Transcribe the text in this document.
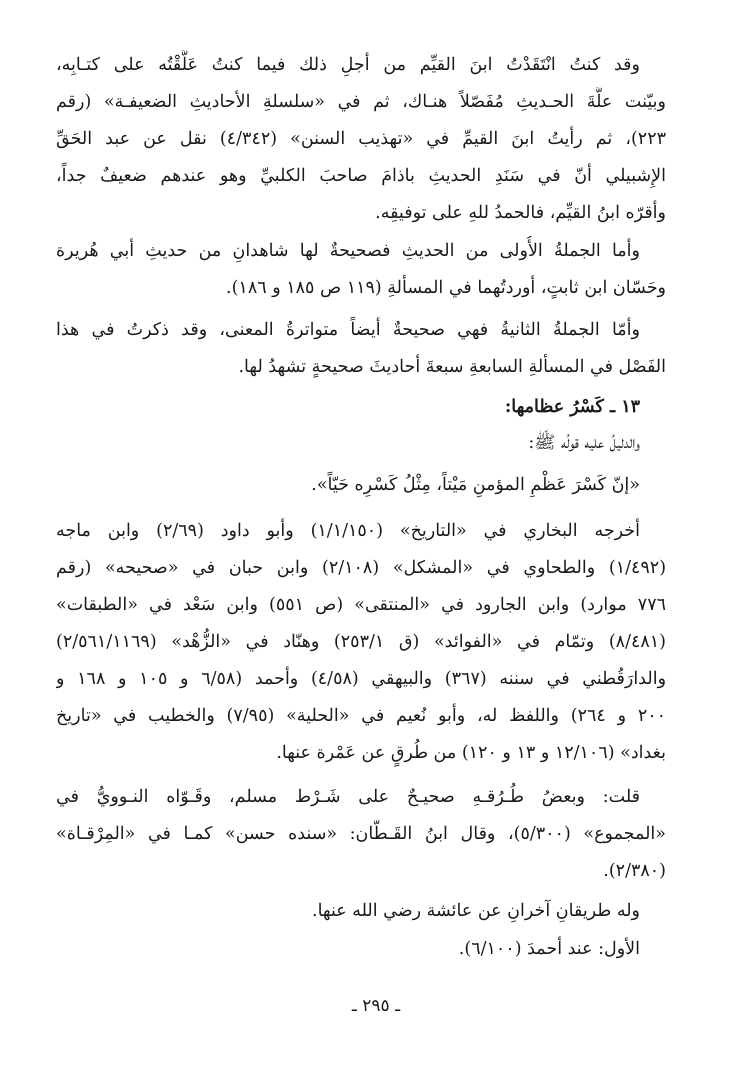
وقد كنتُ انْتَقَدْتُ ابنَ القيِّم من أجلِ ذلك فيما كنتُ عَلَّقْتُه على كتـابِه،
وبيّنت علَّةَ الحـديثِ مُفَصّلاً هنـاك، ثم في «سلسلةِ الأحاديثِ الضعيفـة» (رقم
٢٢٣)، ثم رأيتُ ابنَ القيمِّ في «تهذيب السنن» (٤/٣٤٢) نقل عن عبد الحَقِّ
الإِشبيلي أنّ في سَنَدِ الحديثِ باذامَ صاحبَ الكلبيِّ وهو عندهم ضعيفٌ جداً،
وأقرّه ابنُ القيِّم، فالحمدُ للهِ على توفيقِه.
وأما الجملةُ الأُولى من الحديثِ فصحيحةٌ لها شاهدانِ من حديثِ أبي هُريرة
وحَسّان ابن ثابتٍ، أوردتُهما في المسألةِ (١١٩ ص ١٨٥ و ١٨٦).
وأمّا الجملةُ الثانيةُ فهي صحيحةٌ أيضاً متواترةُ المعنى، وقد ذكرتُ في هذا
الفَصْل في المسألةِ السابعةِ سبعةَ أحاديثَ صحيحةٍ تشهدُ لها.
١٣ ـ كَسْرُ عظامها:
والدليلُ عليه قولُه ﷺ:
«إنّ كَسْرَ عَظْمِ المؤمنِ مَيْتاً، مِثْلُ كَسْرِه حَيّاً».
أخرجه البخاري في «التاريخ» (١/١/١٥٠) وأبو داود (٢/٦٩) وابن ماجه
(١/٤٩٢) والطحاوي في «المشكل» (٢/١٠٨) وابن حبان في «صحيحه» (رقم
٧٧٦ موارد) وابن الجارود في «المنتقى» (ص ٥٥١) وابن سَعْد في «الطبقات»
(٨/٤٨١) وتمّام في «الفوائد» (ق ٢٥٣/١) وهنّاد في «الزُّهْد» (٢/٥٦١/١١٦٩)
والدارَقُطني في سننه (٣٦٧) والبيهقي (٤/٥٨) وأحمد (٦/٥٨ و ١٠٥ و ١٦٨ و
٢٠٠ و ٢٦٤) واللفظ له، وأبو نُعيم في «الحلية» (٧/٩٥) والخطيب في «تاريخ
بغداد» (١٢/١٠٦ و ١٣ و ١٢٠) من طُرقٍ عن عَمْرة عنها.
قلت: وبعضُ طُـرُقـهِ صحيـحٌ على شَـرْط مسلم، وقَـوّاه النـوويُّ في
«المجموع» (٥/٣٠٠)، وقال ابنُ القَـطّان: «سنده حسن» كمـا في «المِرْقـاة»
(٢/٣٨٠).
وله طريقانِ آخرانِ عن عائشة رضي الله عنها.
الأول: عند أحمدَ (٦/١٠٠).
ـ ٢٩٥ ـ
